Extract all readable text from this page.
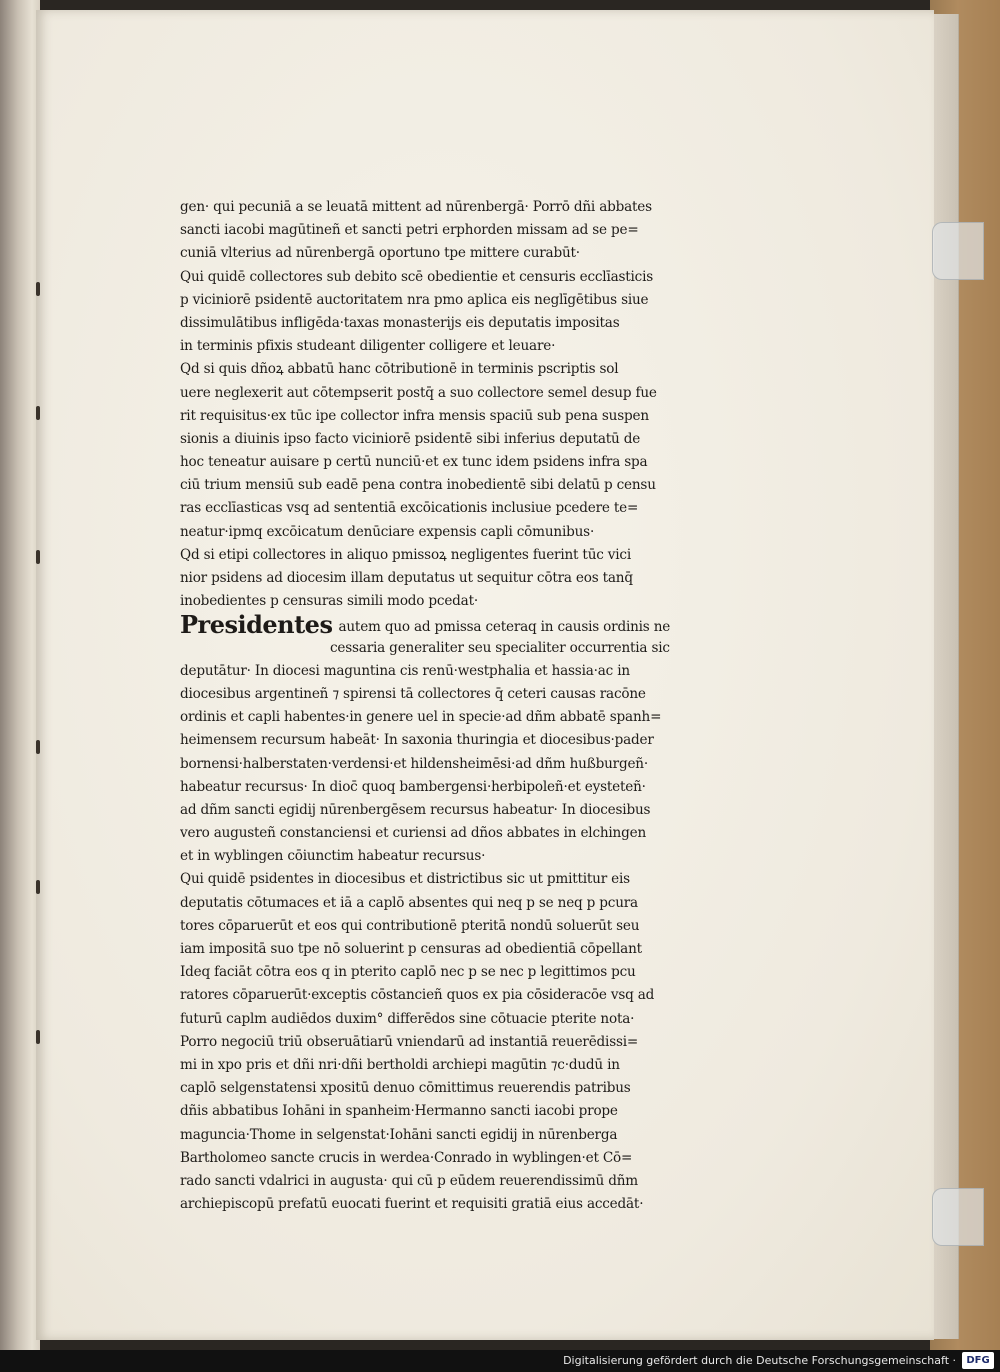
gen· qui pecuniā a se leuatā mittent ad nūrenbergā· Porrō dñi abbates
sancti iacobi magūtineñ et sancti petri erphorden missam ad se pe=
cuniā vlterius ad nūrenbergā oportuno tpe mittere curabūt·
Qui quidē collectores sub debito scē obedientie et censuris ecclīasticis
p viciniorē psidentē auctoritatem nra pmo aplica eis neglīgētibus siue
dissimulātibus infligēda·taxas monasterijs eis deputatis impositas
in terminis pfixis studeant diligenter colligere et leuare·
Qd si quis dñoꝝ abbatū hanc cōtributionē in terminis pscriptis sol
uere neglexerit aut cōtempserit postq̄ a suo collectore semel desup fue
rit requisitus·ex tūc ipe collector infra mensis spaciū sub pena suspen
sionis a diuinis ipso facto viciniorē psidentē sibi inferius deputatū de
hoc teneatur auisare p certū nunciū·et ex tunc idem psidens infra spa
ciū trium mensiū sub eadē pena contra inobedientē sibi delatū p censu
ras ecclīasticas vsq ad sententiā excōicationis inclusiue pcedere te=
neatur·ipmq excōicatum denūciare expensis capli cōmunibus·
Qd si etipi collectores in aliquo pmissoꝝ negligentes fuerint tūc vici
nior psidens ad diocesim illam deputatus ut sequitur cōtra eos tanq̄
inobedientes p censuras simili modo pcedat·
Presidentes autem quo ad pmissa ceteraq in causis ordinis ne
cessaria generaliter seu specialiter occurrentia sic
deputātur· In diocesi maguntina cis renū·westphalia et hassia·ac in
diocesibus argentineñ ⁊ spirensi tā collectores q̄ ceteri causas racōne
ordinis et capli habentes·in genere uel in specie·ad dñm abbatē spanh=
heimensem recursum habeāt· In saxonia thuringia et diocesibus·pader
bornensi·halberstaten·verdensi·et hildensheimēsi·ad dñm hußburgeñ·
habeatur recursus· In dioc̄ quoq bambergensi·herbipoleñ·et eysteteñ·
ad dñm sancti egidij nūrenbergēsem recursus habeatur· In diocesibus
vero augusteñ constanciensi et curiensi ad dños abbates in elchingen
et in wyblingen cōiunctim habeatur recursus·
Qui quidē psidentes in diocesibus et districtibus sic ut pmittitur eis
deputatis cōtumaces et iā a caplō absentes qui neq p se neq p pcura
tores cōparuerūt et eos qui contributionē pteritā nondū soluerūt seu
iam impositā suo tpe nō soluerint p censuras ad obedientiā cōpellant
Ideq faciāt cōtra eos q in pterito caplō nec p se nec p legittimos pcu
ratores cōparuerūt·exceptis cōstancieñ quos ex pia cōsideracōe vsq ad
futurū caplm audiēdos duxim° differēdos sine cōtuacie pterite nota·
Porro negociū triū obseruātiarū vniendarū ad instantiā reuerēdissi=
mi in xpo pris et dñi nri·dñi bertholdi archiepi magūtin ⁊c·dudū in
caplō selgenstatensi xpositū denuo cōmittimus reuerendis patribus
dñis abbatibus Iohāni in spanheim·Hermanno sancti iacobi prope
maguncia·Thome in selgenstat·Iohāni sancti egidij in nūrenberga
Bartholomeo sancte crucis in werdea·Conrado in wyblingen·et Cō=
rado sancti vdalrici in augusta· qui cū p eūdem reuerendissimū dñm
archiepiscopū prefatū euocati fuerint et requisiti gratiā eius accedāt·
Digitalisierung gefördert durch die Deutsche Forschungsgemeinschaft ·	DFG
